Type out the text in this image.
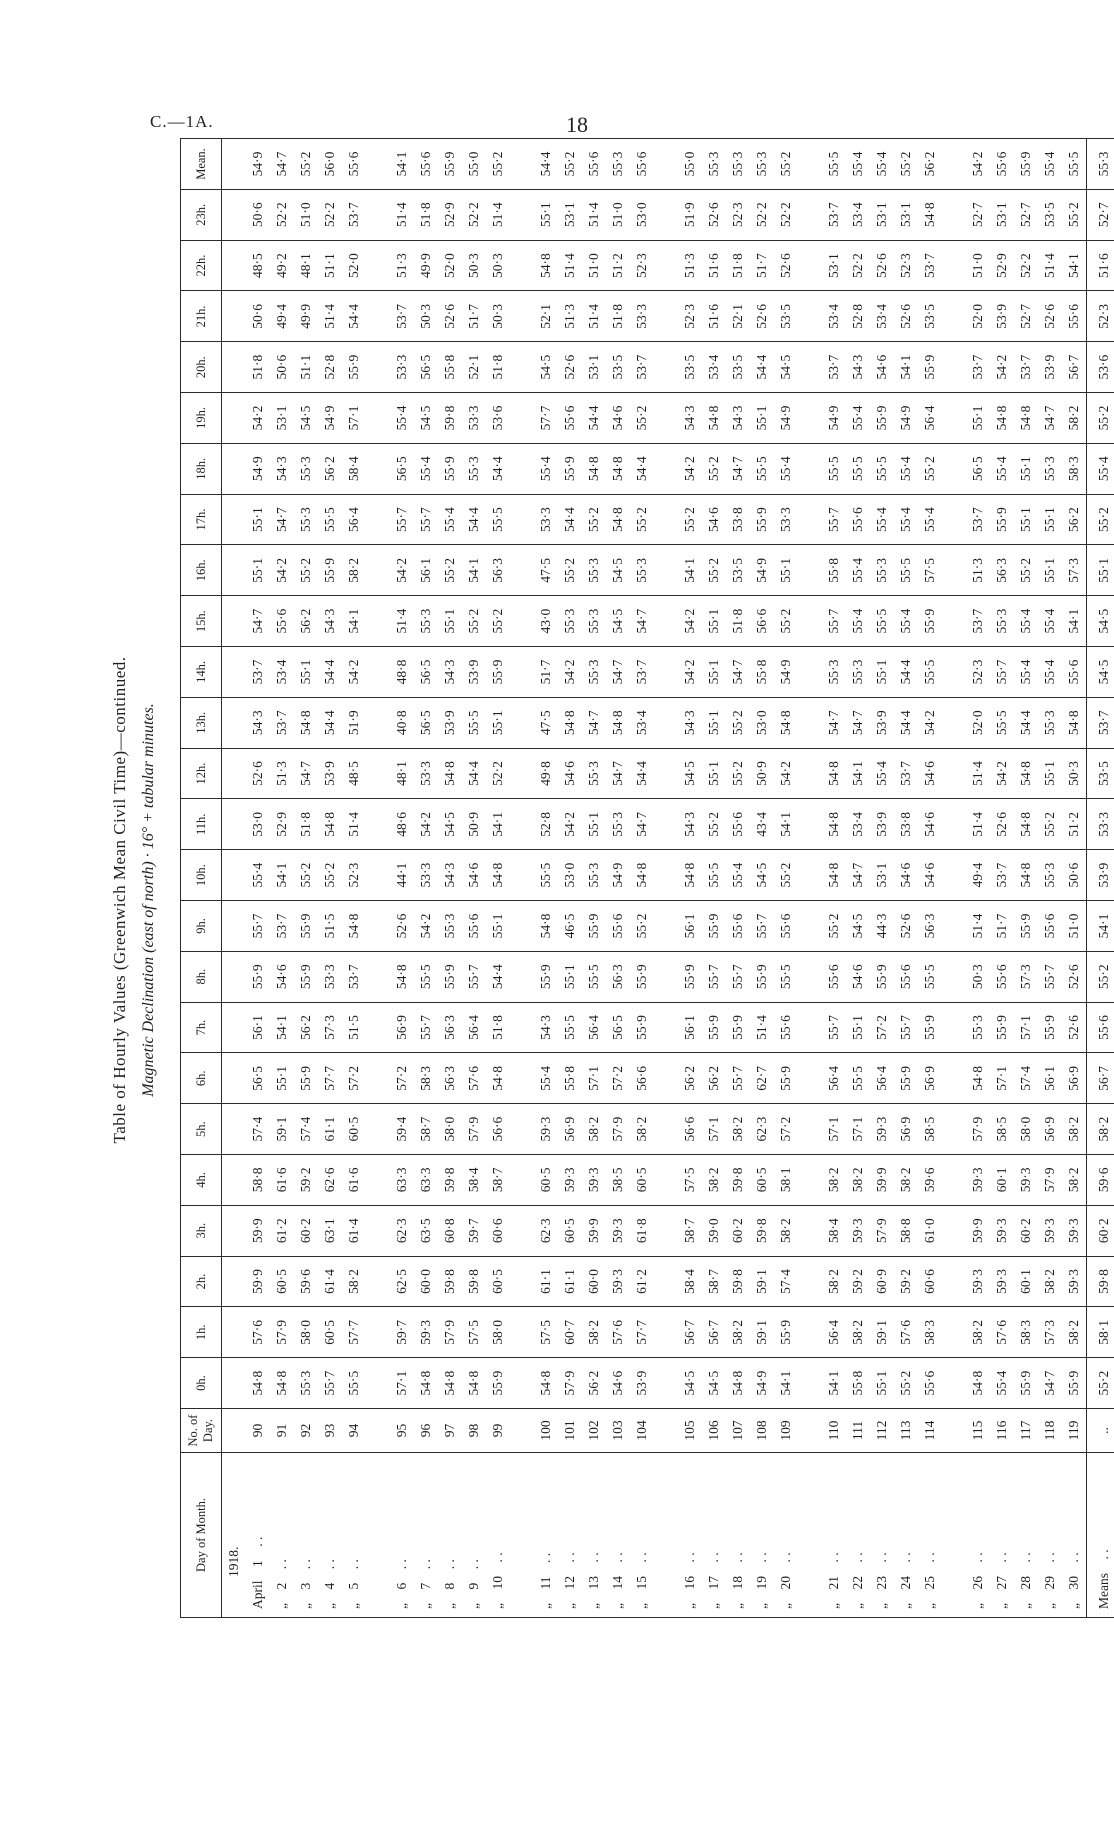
C.—1A.	18
Table of Hourly Values (Greenwich Mean Civil Time)—continued. Magnetic Declination (east of north) · 16° + tabular minutes.
Day of Month.	No. of Day.	0h.	1h.	2h.	3h.	4h.	5h.	6h.	7h.	8h.	9h.	10h.	11h.	12h.	13h.	14h.	15h.	16h.	17h.	18h.	19h.	20h.	21h.	22h.	23h.	Mean.
1918.																										
April 1 . .	90	54·8	57·6	59·9	59·9	58·8	57·4	56·5	56·1	55·9	55·7	55·4	53·0	52·6	54·3	53·7	54·7	55·1	55·1	54·9	54·2	51·8	50·6	48·5	50·6	54·9
„ 2 . .	91	54·8	57·9	60·5	61·2	61·6	59·1	55·1	54·1	54·6	53·7	54·1	52·9	51·3	53·7	53·4	55·6	54·2	54·7	54·3	53·1	50·6	49·4	49·2	52·2	54·7
„ 3 . .	92	55·3	58·0	59·6	60·2	59·2	57·4	55·9	56·2	55·9	55·9	55·2	51·8	54·7	54·8	55·1	56·2	55·2	55·3	55·3	54·5	51·1	49·9	48·1	51·0	55·2
„ 4 . .	93	55·7	60·5	61·4	63·1	62·6	61·1	57·7	57·3	53·3	51·5	55·2	54·8	53·9	54·4	54·4	54·3	55·9	55·5	56·2	54·9	52·8	51·4	51·1	52·2	56·0
„ 5 . .	94	55·5	57·7	58·2	61·4	61·6	60·5	57·2	51·5	53·7	54·8	52·3	51·4	48·5	51·9	54·2	54·1	58·2	56·4	58·4	57·1	55·9	54·4	52·0	53·7	55·6

„ 6 . .	95	57·1	59·7	62·5	62·3	63·3	59·4	57·2	56·9	54·8	52·6	44·1	48·6	48·1	40·8	48·8	51·4	54·2	55·7	56·5	55·4	53·3	53·7	51·3	51·4	54·1
„ 7 . .	96	54·8	59·3	60·0	63·5	63·3	58·7	58·3	55·7	55·5	54·2	53·3	54·2	53·3	56·5	56·5	55·3	56·1	55·7	55·4	54·5	56·5	50·3	49·9	51·8	55·6
„ 8 . .	97	54·8	57·9	59·8	60·8	59·8	58·0	56·3	56·3	55·9	55·3	54·3	54·5	54·8	53·9	54·3	55·1	55·2	55·4	55·9	59·8	55·8	52·6	52·0	52·9	55·9
„ 9 . .	98	54·8	57·5	59·8	59·7	58·4	57·9	57·6	56·4	55·7	55·6	54·6	50·9	54·4	55·5	53·9	55·2	54·1	54·4	55·3	53·3	52·1	51·7	50·3	52·2	55·0
„ 10 . .	99	55·9	58·0	60·5	60·6	58·7	56·6	54·8	51·8	54·4	55·1	54·8	54·1	52·2	55·1	55·9	55·2	56·3	55·5	54·4	53·6	51·8	50·3	50·3	51·4	55·2

„ 11 . .	100	54·8	57·5	61·1	62·3	60·5	59·3	55·4	54·3	55·9	54·8	55·5	52·8	49·8	47·5	51·7	43·0	47·5	53·3	55·4	57·7	54·5	52·1	54·8	55·1	54·4
„ 12 . .	101	57·9	60·7	61·1	60·5	59·3	56·9	55·8	55·5	55·1	46·5	53·0	54·2	54·6	54·8	54·2	55·3	55·2	54·4	55·9	55·6	52·6	51·3	51·4	53·1	55·2
„ 13 . .	102	56·2	58·2	60·0	59·9	59·3	58·2	57·1	56·4	55·5	55·9	55·3	55·1	55·3	54·7	55·3	55·3	55·3	55·2	54·8	54·4	53·1	51·4	51·0	51·4	55·6
„ 14 . .	103	54·6	57·6	59·3	59·3	58·5	57·9	57·2	56·5	56·3	55·6	54·9	55·3	54·7	54·8	54·7	54·5	54·5	54·8	54·8	54·6	53·5	51·8	51·2	51·0	55·3
„ 15 . .	104	53·9	57·7	61·2	61·8	60·5	58·2	56·6	55·9	55·9	55·2	54·8	54·7	54·4	53·4	53·7	54·7	55·3	55·2	54·4	55·2	53·7	53·3	52·3	53·0	55·6

„ 16 . .	105	54·5	56·7	58·4	58·7	57·5	56·6	56·2	56·1	55·9	56·1	54·8	54·3	54·5	54·3	54·2	54·2	54·1	55·2	54·2	54·3	53·5	52·3	51·3	51·9	55·0
„ 17 . .	106	54·5	56·7	58·7	59·0	58·2	57·1	56·2	55·9	55·7	55·9	55·5	55·2	55·1	55·1	55·1	55·1	55·2	54·6	55·2	54·8	53·4	51·6	51·6	52·6	55·3
„ 18 . .	107	54·8	58·2	59·8	60·2	59·8	58·2	55·7	55·9	55·7	55·6	55·4	55·6	55·2	55·2	54·7	51·8	53·5	53·8	54·7	54·3	53·5	52·1	51·8	52·3	55·3
„ 19 . .	108	54·9	59·1	59·1	59·8	60·5	62·3	62·7	51·4	55·9	55·7	54·5	43·4	50·9	53·0	55·8	56·6	54·9	55·9	55·5	55·1	54·4	52·6	51·7	52·2	55·3
„ 20 . .	109	54·1	55·9	57·4	58·2	58·1	57·2	55·9	55·6	55·5	55·6	55·2	54·1	54·2	54·8	54·9	55·2	55·1	53·3	55·4	54·9	54·5	53·5	52·6	52·2	55·2

„ 21 . .	110	54·1	56·4	58·2	58·4	58·2	57·1	56·4	55·7	55·6	55·2	54·8	54·8	54·8	54·7	55·3	55·7	55·8	55·7	55·5	54·9	53·7	53·4	53·1	53·7	55·5
„ 22 . .	111	55·8	58·2	59·2	59·3	58·2	57·1	55·5	55·1	54·6	54·5	54·7	53·4	54·1	54·7	55·3	55·4	55·4	55·6	55·5	55·4	54·3	52·8	52·2	53·4	55·4
„ 23 . .	112	55·1	59·1	60·9	57·9	59·9	59·3	56·4	57·2	55·9	44·3	53·1	53·9	55·4	53·9	55·1	55·5	55·3	55·4	55·5	55·9	54·6	53·4	52·6	53·1	55·4
„ 24 . .	113	55·2	57·6	59·2	58·8	58·2	56·9	55·9	55·7	55·6	52·6	54·6	53·8	53·7	54·4	54·4	55·4	55·5	55·4	55·4	54·9	54·1	52·6	52·3	53·1	55·2
„ 25 . .	114	55·6	58·3	60·6	61·0	59·6	58·5	56·9	55·9	55·5	56·3	54·6	54·6	54·6	54·2	55·5	55·9	57·5	55·4	55·2	56·4	55·9	53·5	53·7	54·8	56·2

„ 26 . .	115	54·8	58·2	59·3	59·9	59·3	57·9	54·8	55·3	50·3	51·4	49·4	51·4	51·4	52·0	52·3	53·7	51·3	53·7	56·5	55·1	53·7	52·0	51·0	52·7	54·2
„ 27 . .	116	55·4	57·6	59·3	59·3	60·1	58·5	57·1	55·9	55·6	51·7	53·7	52·6	54·2	55·5	55·7	55·3	56·3	55·9	55·4	54·8	54·2	53·9	52·9	53·1	55·6
„ 28 . .	117	55·9	58·3	60·1	60·2	59·3	58·0	57·4	57·1	57·3	55·9	54·8	54·8	54·8	54·4	55·4	55·4	55·2	55·1	55·1	54·8	53·7	52·7	52·2	52·7	55·9
„ 29 . .	118	54·7	57·3	58·2	59·3	57·9	56·9	56·1	55·9	55·7	55·6	55·3	55·2	55·1	55·3	55·4	55·4	55·1	55·1	55·3	54·7	53·9	52·6	51·4	53·5	55·4
„ 30 . .	119	55·9	58·2	59·3	59·3	58·2	58·2	56·9	52·6	52·6	51·0	50·6	51·2	50·3	54·8	55·6	54·1	57·3	56·2	58·3	58·2	56·7	55·6	54·1	55·2	55·5
Means . .	..	55·2	58·1	59·8	60·2	59·6	58·2	56·7	55·6	55·2	54·1	53·9	53·3	53·5	53·7	54·5	54·5	55·1	55·2	55·4	55·2	53·6	52·3	51·6	52·7	55·3
